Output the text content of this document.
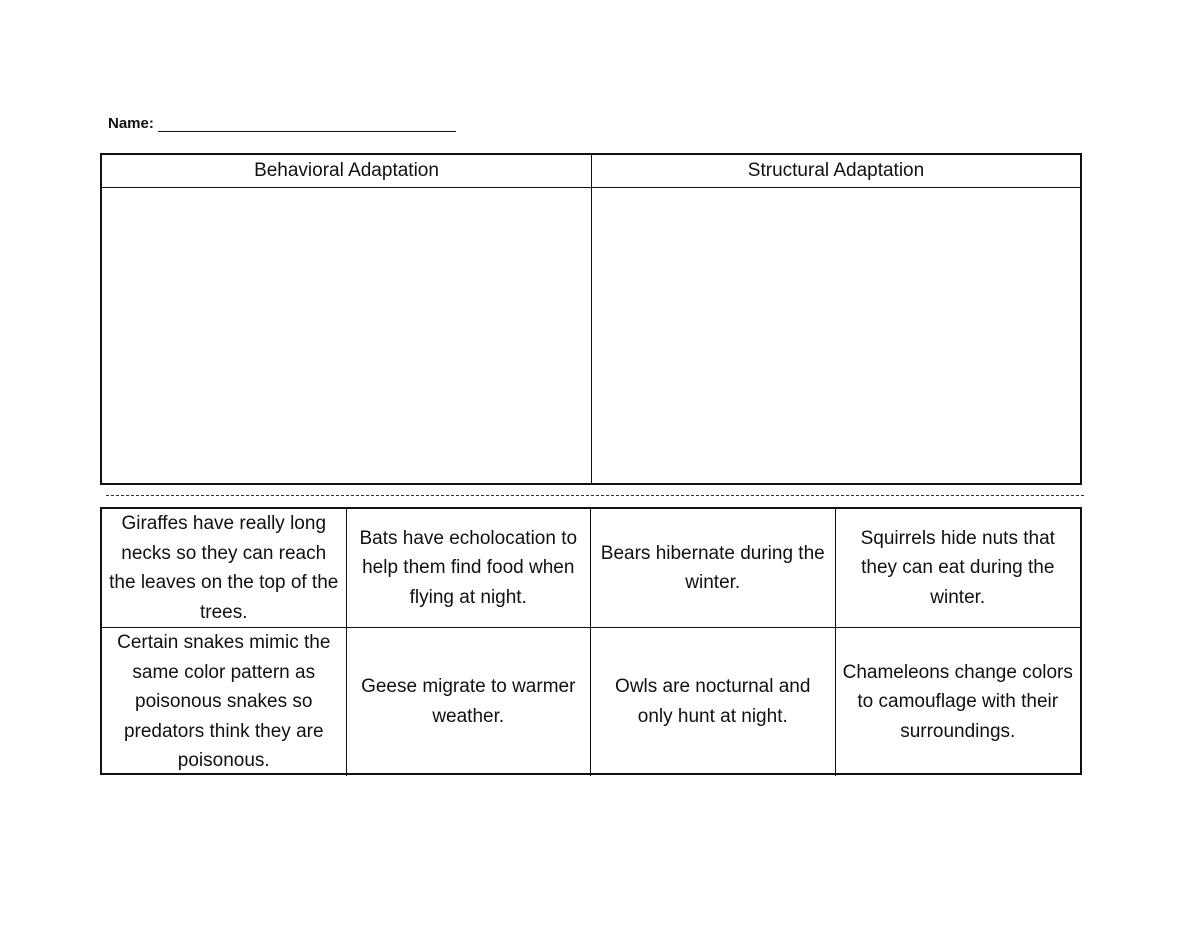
Name:
Behavioral Adaptation	Structural Adaptation
Giraffes have really long necks so they can reach the leaves on the top of the trees.
Bats have echolocation to help them find food when flying at night.
Bears hibernate during the winter.
Squirrels hide nuts that they can eat during the winter.
Certain snakes mimic the same color pattern as poisonous snakes so predators think they are poisonous.
Geese migrate to warmer weather.
Owls are nocturnal and only hunt at night.
Chameleons change colors to camouflage with their surroundings.
